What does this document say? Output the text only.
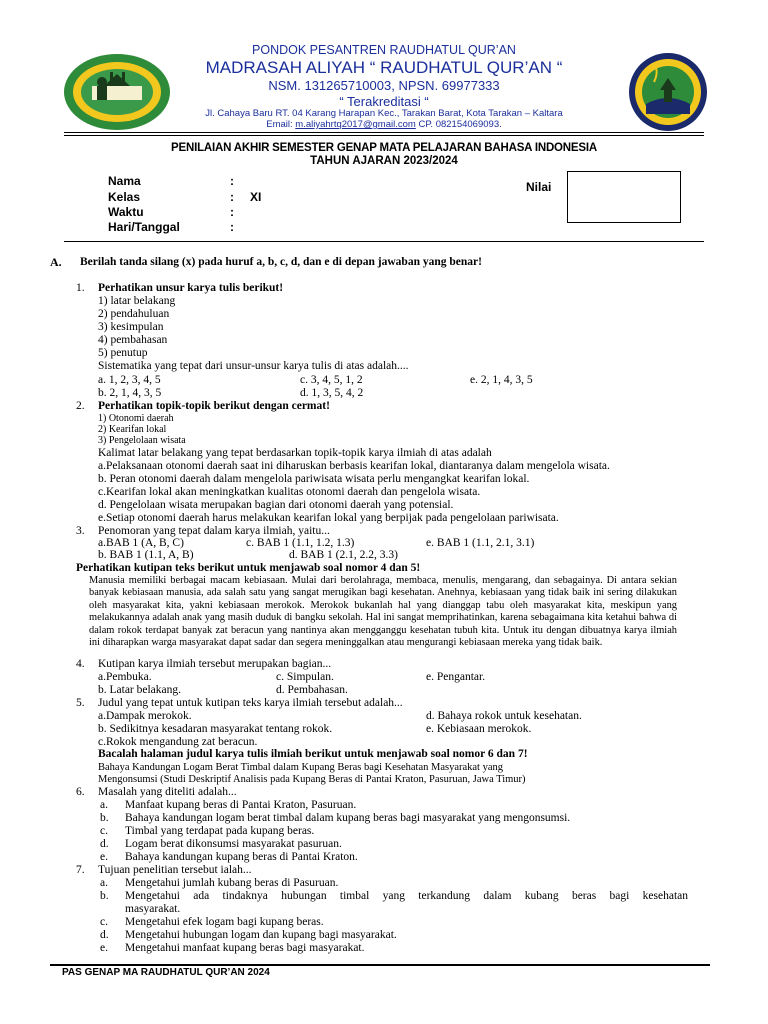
PONDOK PESANTREN RAUDHATUL QUR’AN
MADRASAH ALIYAH “ RAUDHATUL QUR’AN “
NSM. 131265710003, NPSN. 69977333
“ Terakreditasi “
Jl. Cahaya Baru RT. 04 Karang Harapan Kec., Tarakan Barat, Kota Tarakan – Kaltara
Email: m.aliyahrtq2017@gmail.com CP. 082154069093.
PENILAIAN AKHIR SEMESTER GENAP MATA PELAJARAN BAHASA INDONESIA
TAHUN AJARAN 2023/2024
Nama	:
Kelas	: XI
Waktu	:
Hari/Tanggal	:
Nilai
A. Berilah tanda silang (x) pada huruf a, b, c, d, dan e di depan jawaban yang benar!
1. Perhatikan unsur karya tulis berikut!
1) latar belakang
2) pendahuluan
3) kesimpulan
4) pembahasan
5) penutup
Sistematika yang tepat dari unsur-unsur karya tulis di atas adalah....
a. 1, 2, 3, 4, 5	c. 3, 4, 5, 1, 2	e. 2, 1, 4, 3, 5
b. 2, 1, 4, 3, 5	d. 1, 3, 5, 4, 2
2. Perhatikan topik-topik berikut dengan cermat!
1) Otonomi daerah
2) Kearifan lokal
3) Pengelolaan wisata
Kalimat latar belakang yang tepat berdasarkan topik-topik karya ilmiah di atas adalah
a.Pelaksanaan otonomi daerah saat ini diharuskan berbasis kearifan lokal, diantaranya dalam mengelola wisata.
b. Peran otonomi daerah dalam mengelola pariwisata wisata perlu mengangkat kearifan lokal.
c.Kearifan lokal akan meningkatkan kualitas otonomi daerah dan pengelola wisata.
d. Pengelolaan wisata merupakan bagian dari otonomi daerah yang potensial.
e.Setiap otonomi daerah harus melakukan kearifan lokal yang berpijak pada pengelolaan pariwisata.
3. Penomoran yang tepat dalam karya ilmiah, yaitu...
a.BAB 1 (A, B, C)	c. BAB 1 (1.1, 1.2, 1.3)	e. BAB 1 (1.1, 2.1, 3.1)
b. BAB 1 (1.1, A, B)	d. BAB 1 (2.1, 2.2, 3.3)
Perhatikan kutipan teks berikut untuk menjawab soal nomor 4 dan 5!
Manusia memiliki berbagai macam kebiasaan. Mulai dari berolahraga, membaca, menulis, mengarang, dan sebagainya. Di antara sekian banyak kebiasaan manusia, ada salah satu yang sangat merugikan bagi kesehatan. Anehnya, kebiasaan yang tidak baik ini sering dilakukan oleh masyarakat kita, yakni kebiasaan merokok. Merokok bukanlah hal yang dianggap tabu oleh masyarakat kita, meskipun yang melakukannya adalah anak yang masih duduk di bangku sekolah. Hal ini sangat memprihatinkan, karena sebagaimana kita ketahui bahwa di dalam rokok terdapat banyak zat beracun yang nantinya akan mengganggu kesehatan tubuh kita. Untuk itu dengan dibuatnya karya ilmiah ini diharapkan warga masyarakat dapat sadar dan segera meninggalkan atau mengurangi kebiasaan mereka yang tidak baik.
4. Kutipan karya ilmiah tersebut merupakan bagian...
a.Pembuka.	c. Simpulan.	e. Pengantar.
b. Latar belakang.	d. Pembahasan.
5. Judul yang tepat untuk kutipan teks karya ilmiah tersebut adalah...
a.Dampak merokok.	d. Bahaya rokok untuk kesehatan.
b. Sedikitnya kesadaran masyarakat tentang rokok.	e. Kebiasaan merokok.
c.Rokok mengandung zat beracun.
Bacalah halaman judul karya tulis ilmiah berikut untuk menjawab soal nomor 6 dan 7!
Bahaya Kandungan Logam Berat Timbal dalam Kupang Beras bagi Kesehatan Masyarakat yang
Mengonsumsi (Studi Deskriptif Analisis pada Kupang Beras di Pantai Kraton, Pasuruan, Jawa Timur)
6. Masalah yang diteliti adalah...
a. Manfaat kupang beras di Pantai Kraton, Pasuruan.
b. Bahaya kandungan logam berat timbal dalam kupang beras bagi masyarakat yang mengonsumsi.
c. Timbal yang terdapat pada kupang beras.
d. Logam berat dikonsumsi masyarakat pasuruan.
e. Bahaya kandungan kupang beras di Pantai Kraton.
7. Tujuan penelitian tersebut ialah...
a. Mengetahui jumlah kubang beras di Pasuruan.
b. Mengetahui ada tindaknya hubungan timbal yang terkandung dalam kubang beras bagi kesehatan
masyarakat.
c. Mengetahui efek logam bagi kupang beras.
d. Mengetahui hubungan logam dan kupang bagi masyarakat.
e. Mengetahui manfaat kupang beras bagi masyarakat.
PAS GENAP MA RAUDHATUL QUR’AN 2024
